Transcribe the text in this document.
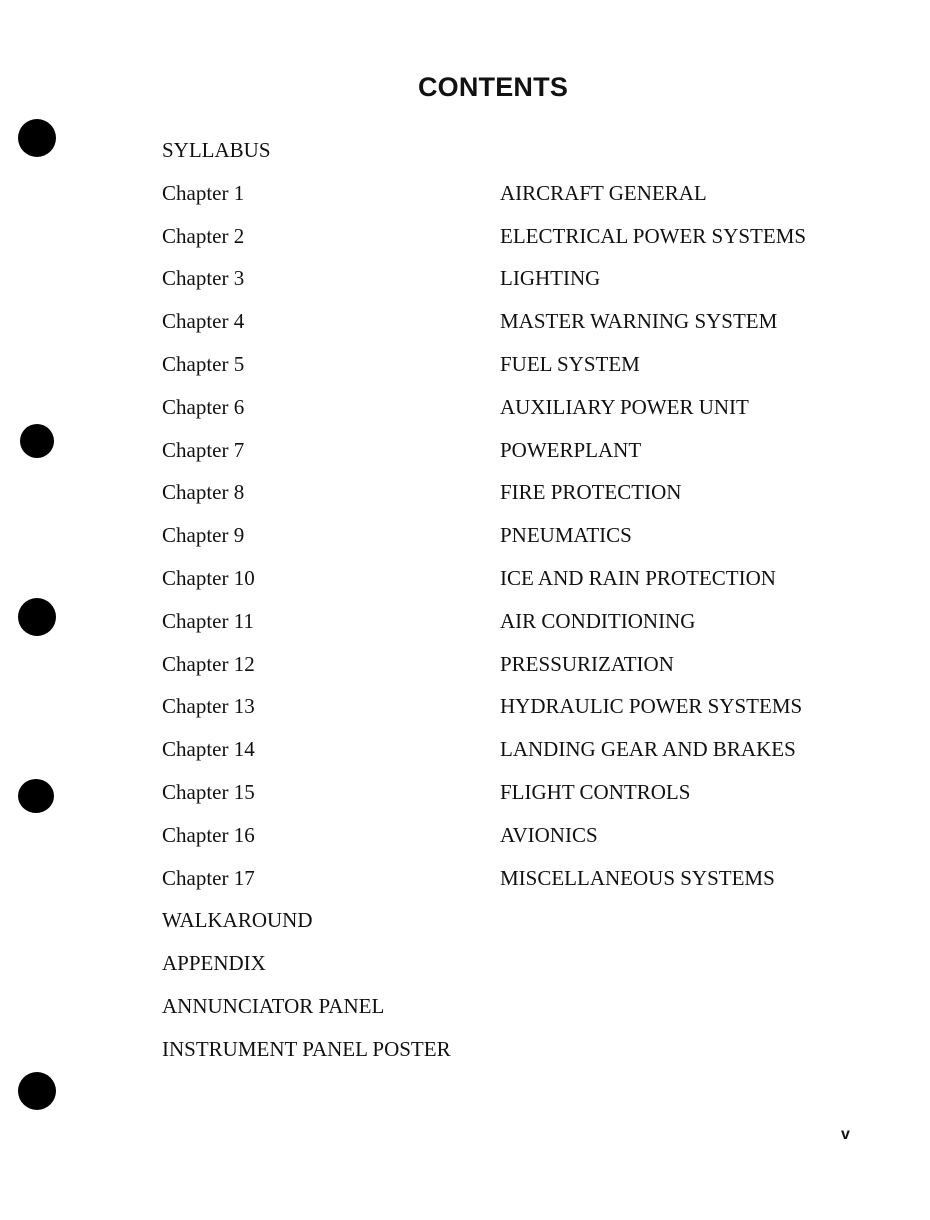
CONTENTS
SYLLABUS
Chapter 1	AIRCRAFT GENERAL
Chapter 2	ELECTRICAL POWER SYSTEMS
Chapter 3	LIGHTING
Chapter 4	MASTER WARNING SYSTEM
Chapter 5	FUEL SYSTEM
Chapter 6	AUXILIARY POWER UNIT
Chapter 7	POWERPLANT
Chapter 8	FIRE PROTECTION
Chapter 9	PNEUMATICS
Chapter 10	ICE AND RAIN PROTECTION
Chapter 11	AIR CONDITIONING
Chapter 12	PRESSURIZATION
Chapter 13	HYDRAULIC POWER SYSTEMS
Chapter 14	LANDING GEAR AND BRAKES
Chapter 15	FLIGHT CONTROLS
Chapter 16	AVIONICS
Chapter 17	MISCELLANEOUS SYSTEMS
WALKAROUND
APPENDIX
ANNUNCIATOR PANEL
INSTRUMENT PANEL POSTER
v
